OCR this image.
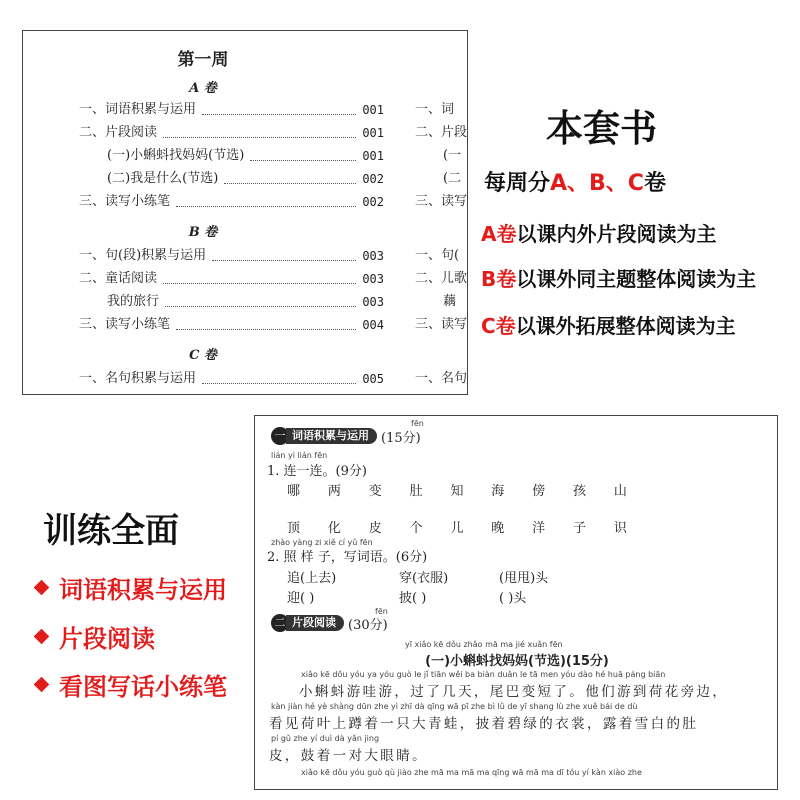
第一周
A 卷
一、词语积累与运用	001
二、片段阅读	001
(一)小蝌蚪找妈妈(节选)	001
(二)我是什么(节选)	002
三、读写小练笔	002
B 卷
一、句(段)积累与运用	003
二、童话阅读	003
我的旅行	003
三、读写小练笔	004
C 卷
一、名句积累与运用	005
一、词
二、片段
(一
(二
三、读写
一、句(
二、儿歌
藕
三、读写
一、名句
本套书
每周分A、B、C卷
A卷以课内外片段阅读为主
B卷以课外同主题整体阅读为主
C卷以课外拓展整体阅读为主
训练全面
词语积累与运用
片段阅读
看图写话小练笔
fēn
一 词语积累与运用 (15分)
lián yi lián fēn
1. 连一连。(9分)
哪 两 变 肚 知 海 傍 孩 山
顶 化 皮 个 儿 晚 洋 子 识
zhào yàng zi xiě cí yǔ fēn
2. 照 样 子，写词语。(6分)
追(上去)	穿(衣服)	(甩甩)头
迎( )	披( )	( )头
fēn
二 片段阅读 (30分)
yī xiǎo kē dǒu zhǎo mā ma jié xuǎn fēn
(一)小蝌蚪找妈妈(节选)(15分)
xiǎo kē dǒu yóu ya yóu guò le jǐ tiān wěi ba biàn duǎn le tā men yóu dào hé huā páng biān
小蝌蚪游哇游，过了几天，尾巴变短了。他们游到荷花旁边，
kàn jiàn hé yè shàng dūn zhe yì zhī dà qīng wā pī zhe bì lǜ de yī shang lù zhe xuě bái de dù
看见荷叶上蹲着一只大青蛙，披着碧绿的衣裳，露着雪白的肚
pí gǔ zhe yí duì dà yǎn jing
皮，鼓着一对大眼睛。
xiǎo kē dǒu yóu guò qù jiào zhe mā ma mā ma qīng wā mā ma dī tóu yí kàn xiào zhe
